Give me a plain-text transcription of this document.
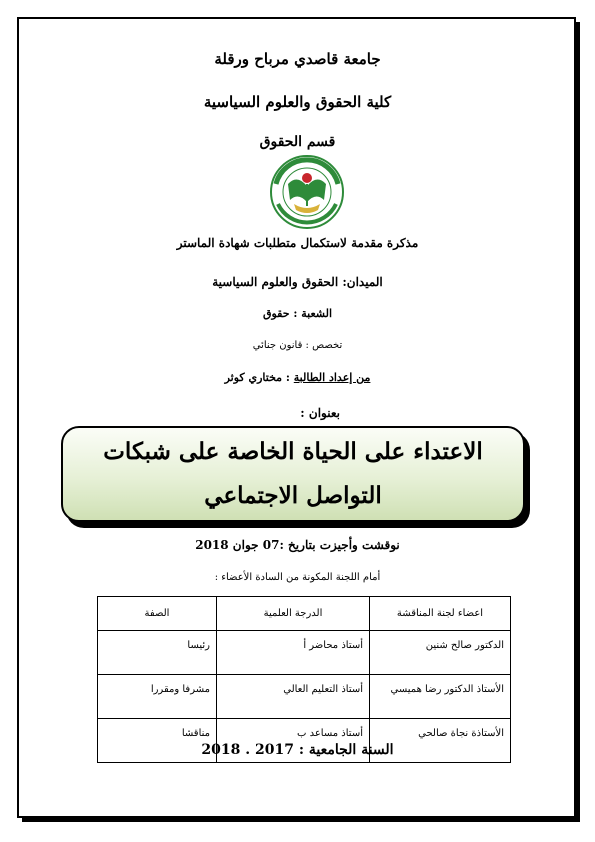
جامعة قاصدي مرباح ورقلة
كلية الحقوق والعلوم السياسية
قسم الحقوق
مذكرة مقدمة لاستكمال متطلبات شهادة الماستر
الميدان: الحقوق والعلوم السياسية
الشعبة : حقوق
تخصص : قانون جنائي
من إعداد الطالبة : مختاري كوثر
بعنوان :
الاعتداء على الحياة الخاصة على شبكات التواصل الاجتماعي
نوقشت وأجيزت بتاريخ :07 جوان 2018
أمام اللجنة المكونة من السادة الأعضاء :
اعضاء لجنة المناقشة	الدرجة العلمية	الصفة
الدكتور صالح شنين	أستاذ محاضر أ	رئيسا
الأستاذ الدكتور رضا هميسي	أستاذ التعليم العالي	مشرفا ومقررا
الأستاذة نجاة صالحي	أستاذ مساعد ب	مناقشا
السنة الجامعية : 2017 . 2018
